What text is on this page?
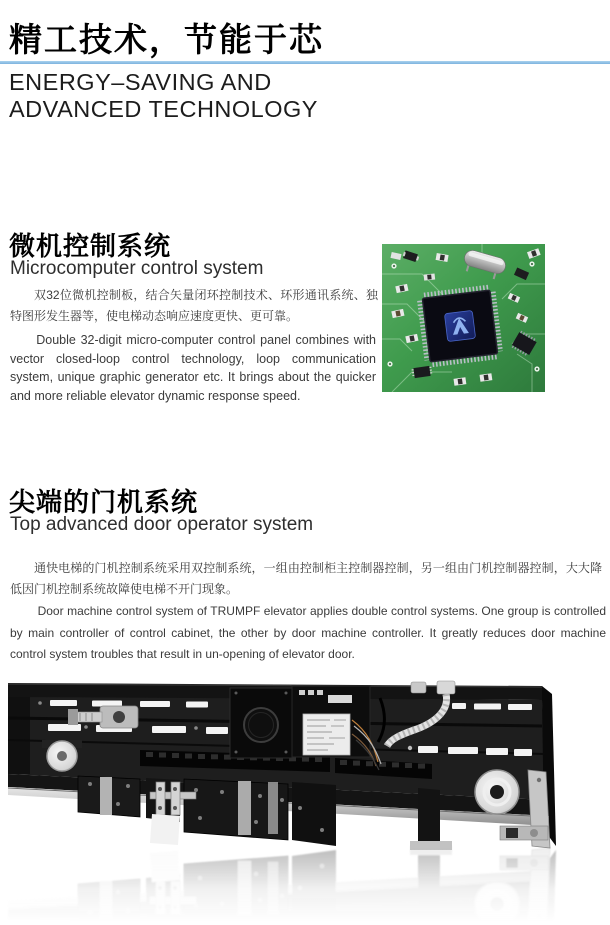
精工技术，节能于芯
ENERGY–SAVING AND
ADVANCED TECHNOLOGY
微机控制系统
Microcomputer control system
双32位微机控制板，结合矢量闭环控制技术、环形通讯系统、独特图形发生器等，使电梯动态响应速度更快、更可靠。
Double 32-digit micro-computer control panel combines with vector closed-loop control technology, loop communication system, unique graphic generator etc. It brings about the quicker and more reliable elevator dynamic response speed.
尖端的门机系统
Top advanced door operator system
通快电梯的门机控制系统采用双控制系统，一组由控制柜主控制器控制，另一组由门机控制器控制，大大降低因门机控制系统故障使电梯不开门现象。
Door machine control system of TRUMPF elevator applies double control systems. One group is controlled by main controller of control cabinet, the other by door machine controller. It greatly reduces door machine control system troubles that result in un-opening of elevator door.
